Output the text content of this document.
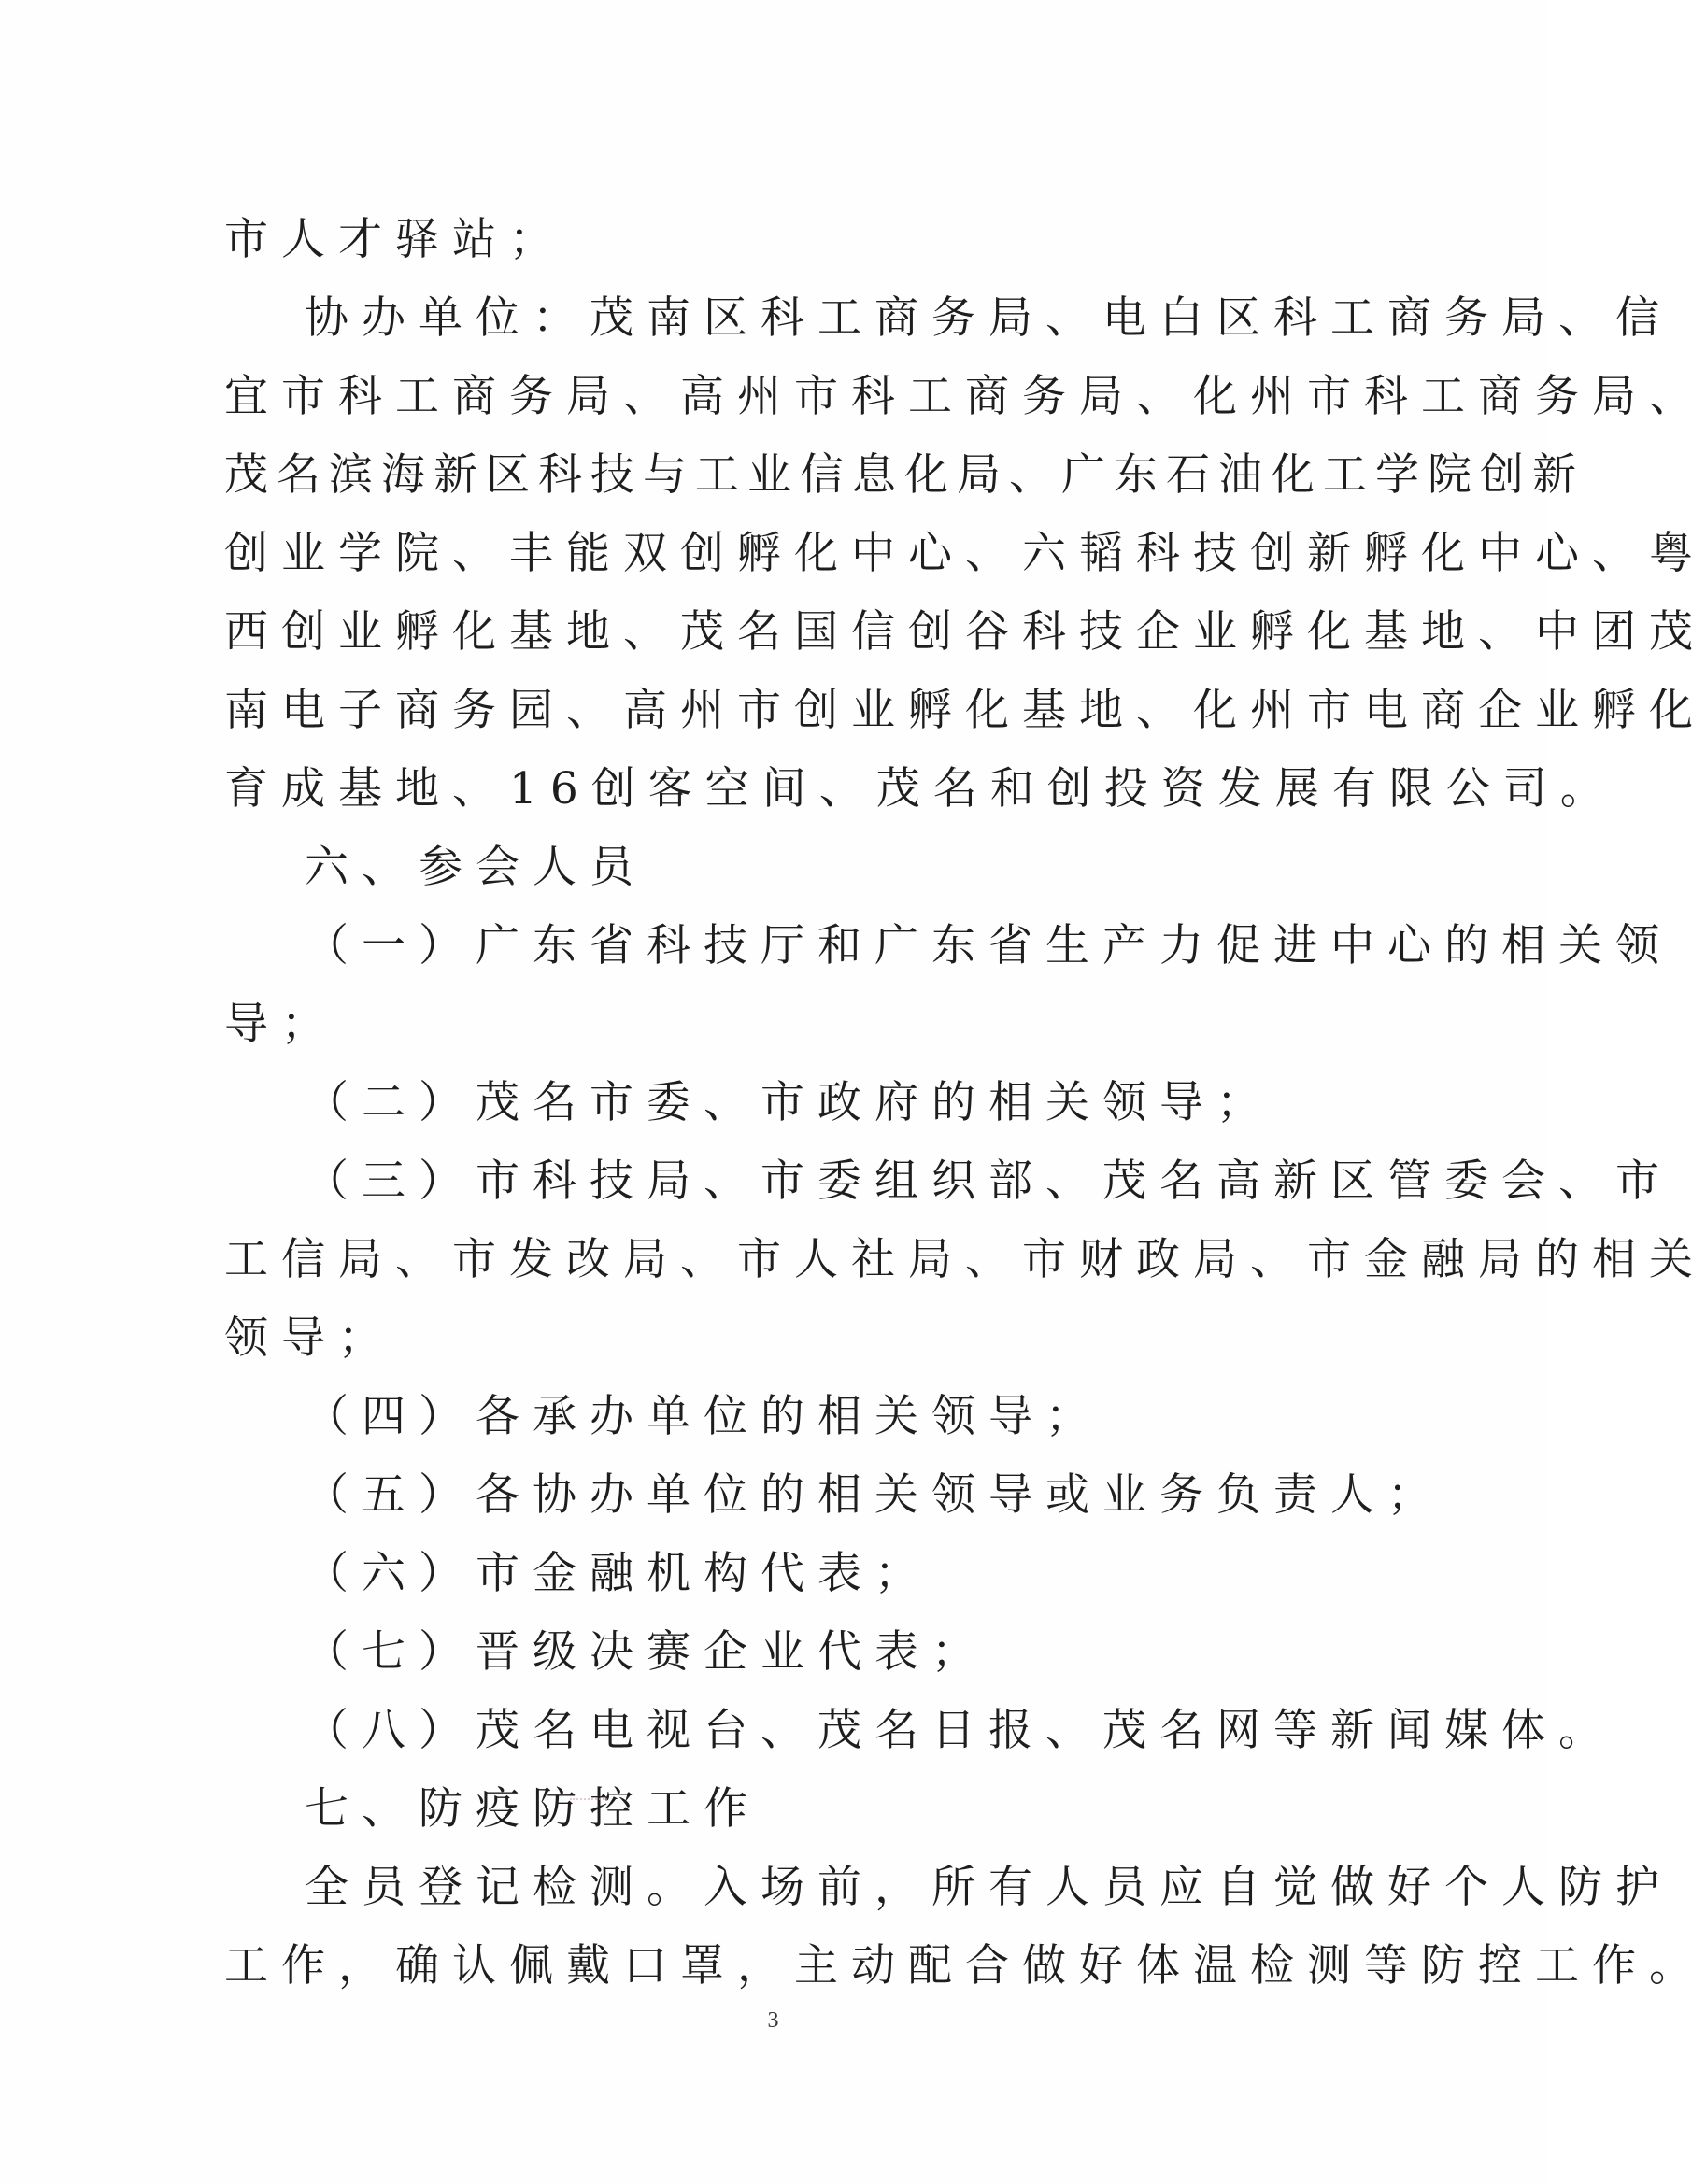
市人才驿站；
协办单位：茂南区科工商务局、电白区科工商务局、信
宜市科工商务局、高州市科工商务局、化州市科工商务局、
茂名滨海新区科技与工业信息化局、广东石油化工学院创新
创业学院、丰能双创孵化中心、六韬科技创新孵化中心、粤
西创业孵化基地、茂名国信创谷科技企业孵化基地、中团茂
南电子商务园、高州市创业孵化基地、化州市电商企业孵化
育成基地、16创客空间、茂名和创投资发展有限公司。
六、参会人员
（一）广东省科技厅和广东省生产力促进中心的相关领
导；
（二）茂名市委、市政府的相关领导；
（三）市科技局、市委组织部、茂名高新区管委会、市
工信局、市发改局、市人社局、市财政局、市金融局的相关
领导；
（四）各承办单位的相关领导；
（五）各协办单位的相关领导或业务负责人；
（六）市金融机构代表；
（七）晋级决赛企业代表；
（八）茂名电视台、茂名日报、茂名网等新闻媒体。
七、防疫防控工作
全员登记检测。入场前，所有人员应自觉做好个人防护
工作，确认佩戴口罩，主动配合做好体温检测等防控工作。
3
